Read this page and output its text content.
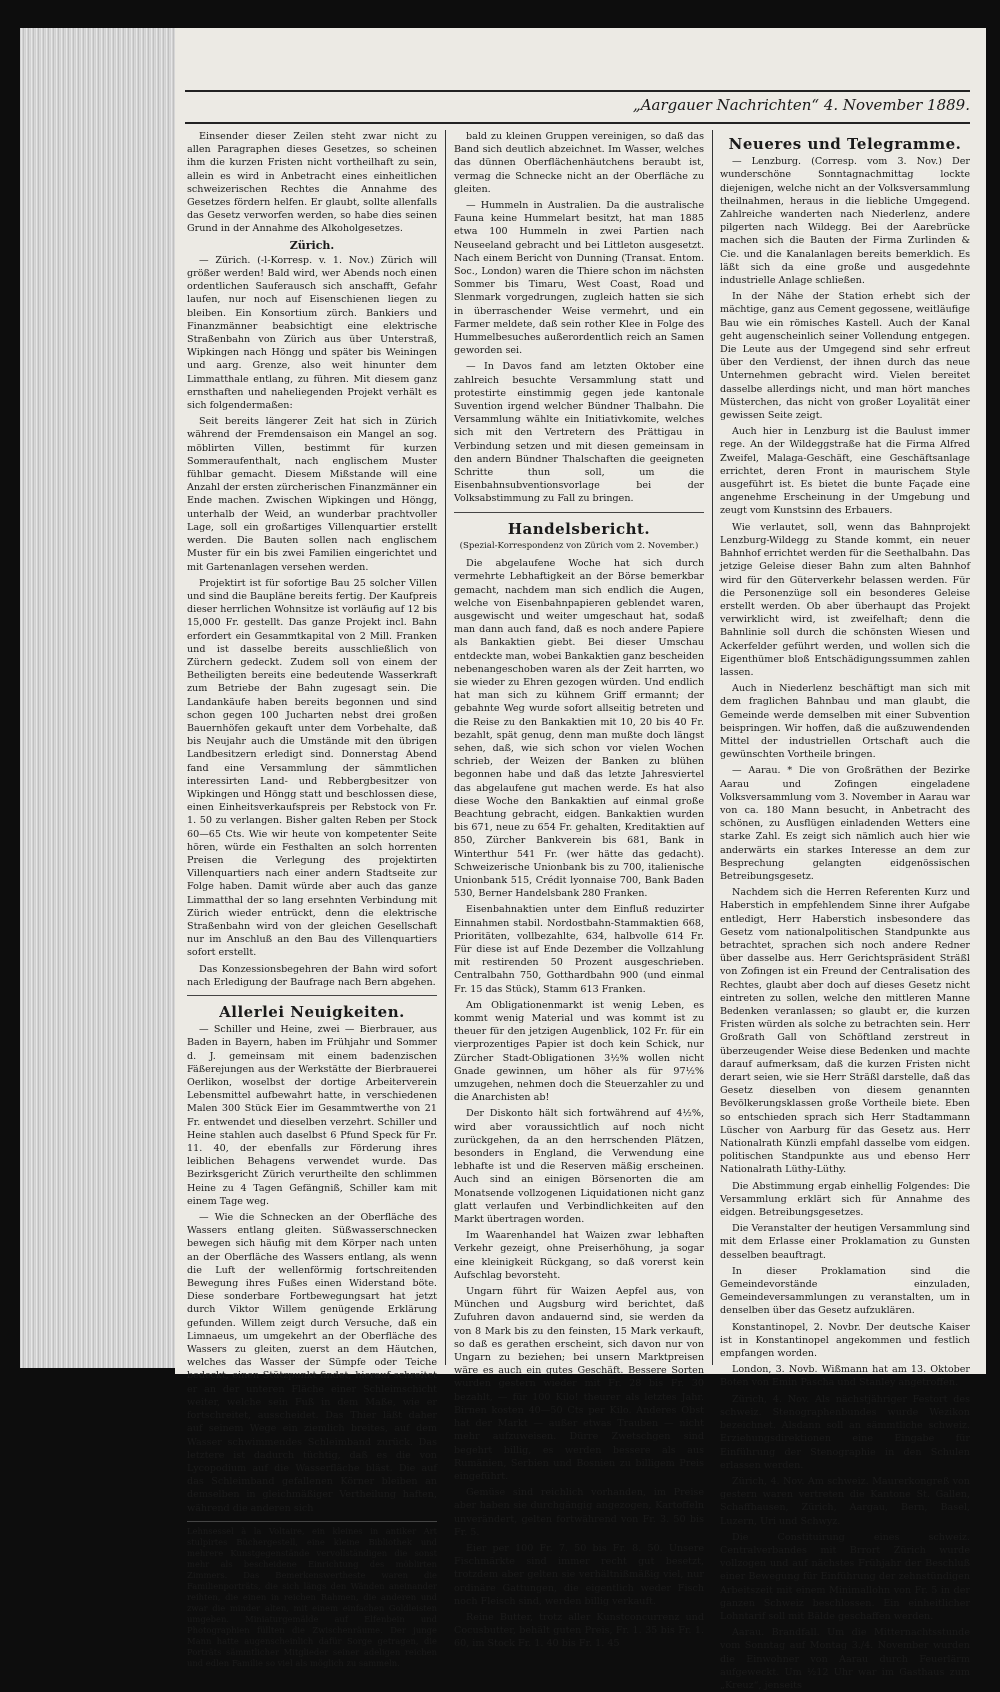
„Aargauer Nachrichten“ 4. November 1889.

Einsender dieser Zeilen steht zwar nicht zu allen Paragraphen dieses Gesetzes, so scheinen ihm die kurzen Fristen nicht vortheilhaft zu sein, allein es wird in Anbetracht eines einheitlichen schweizerischen Rechtes die Annahme des Gesetzes fördern helfen. Er glaubt, sollte allenfalls das Gesetz verworfen werden, so habe dies seinen Grund in der Annahme des Alkoholgesetzes.

Zürich.

— Zürich. (-l-Korresp. v. 1. Nov.) Zürich will größer werden! Bald wird, wer Abends noch einen ordentlichen Sauferausch sich anschafft, Gefahr laufen, nur noch auf Eisenschienen liegen zu bleiben. Ein Konsortium zürch. Bankiers und Finanzmänner beabsichtigt eine elektrische Straßenbahn von Zürich aus über Unterstraß, Wipkingen nach Höngg und später bis Weiningen und aarg. Grenze, also weit hinunter dem Limmatthale entlang, zu führen. Mit diesem ganz ernsthaften und naheliegenden Projekt verhält es sich folgendermaßen:

Seit bereits längerer Zeit hat sich in Zürich während der Fremdensaison ein Mangel an sog. möblirten Villen, bestimmt für kurzen Sommeraufenthalt, nach englischem Muster fühlbar gemacht. Diesem Mißstande will eine Anzahl der ersten zürcherischen Finanzmänner ein Ende machen. Zwischen Wipkingen und Höngg, unterhalb der Weid, an wunderbar prachtvoller Lage, soll ein großartiges Villenquartier erstellt werden. Die Bauten sollen nach englischem Muster für ein bis zwei Familien eingerichtet und mit Gartenanlagen versehen werden.

Projektirt ist für sofortige Bau 25 solcher Villen und sind die Baupläne bereits fertig. Der Kaufpreis dieser herrlichen Wohnsitze ist vorläufig auf 12 bis 15,000 Fr. gestellt. Das ganze Projekt incl. Bahn erfordert ein Gesammtkapital von 2 Mill. Franken und ist dasselbe bereits ausschließlich von Zürchern gedeckt. Zudem soll von einem der Betheiligten bereits eine bedeutende Wasserkraft zum Betriebe der Bahn zugesagt sein. Die Landankäufe haben bereits begonnen und sind schon gegen 100 Jucharten nebst drei großen Bauernhöfen gekauft unter dem Vorbehalte, daß bis Neujahr auch die Umstände mit den übrigen Landbesitzern erledigt sind. Donnerstag Abend fand eine Versammlung der sämmtlichen interessirten Land- und Rebbergbesitzer von Wipkingen und Höngg statt und beschlossen diese, einen Einheitsverkaufspreis per Rebstock von Fr. 1. 50 zu verlangen. Bisher galten Reben per Stock 60—65 Cts. Wie wir heute von kompetenter Seite hören, würde ein Festhalten an solch horrenten Preisen die Verlegung des projektirten Villenquartiers nach einer andern Stadtseite zur Folge haben. Damit würde aber auch das ganze Limmatthal der so lang ersehnten Verbindung mit Zürich wieder entrückt, denn die elektrische Straßenbahn wird von der gleichen Gesellschaft nur im Anschluß an den Bau des Villenquartiers sofort erstellt.

Das Konzessionsbegehren der Bahn wird sofort nach Erledigung der Baufrage nach Bern abgehen.

Allerlei Neuigkeiten.

— Schiller und Heine, zwei — Bierbrauer, aus Baden in Bayern, haben im Frühjahr und Sommer d. J. gemeinsam mit einem badenzischen Fäßerejungen aus der Werkstätte der Bierbrauerei Oerlikon, woselbst der dortige Arbeiterverein Lebensmittel aufbewahrt hatte, in verschiedenen Malen 300 Stück Eier im Gesammtwerthe von 21 Fr. entwendet und dieselben verzehrt. Schiller und Heine stahlen auch daselbst 6 Pfund Speck für Fr. 11. 40, der ebenfalls zur Förderung ihres leiblichen Behagens verwendet wurde. Das Bezirksgericht Zürich verurtheilte den schlimmen Heine zu 4 Tagen Gefängniß, Schiller kam mit einem Tage weg.

— Wie die Schnecken an der Oberfläche des Wassers entlang gleiten. Süßwasserschnecken bewegen sich häufig mit dem Körper nach unten an der Oberfläche des Wassers entlang, als wenn die Luft der wellenförmig fortschreitenden Bewegung ihres Fußes einen Widerstand böte. Diese sonderbare Fortbewegungsart hat jetzt durch Viktor Willem genügende Erklärung gefunden. Willem zeigt durch Versuche, daß ein Limnaeus, um umgekehrt an der Oberfläche des Wassers zu gleiten, zuerst an dem Häutchen, welches das Wasser der Sümpfe oder Teiche bedeckt, einen Stützpunkt findet; hierauf schreitet er an der unteren Fläche einer Schleimschicht weiter, welche sein Fuß in dem Maße, wie er fortschreitet, ausscheidet. Das Thier läßt daher auf seinem Wege ein ziemlich breites, auf dem Wasser schwimmendes Schleimband zurück. Das letztere ist dadurch tüchtig, daß es die von Lycopodium auf die Wasserfläche bläst. Die auf das Schleimband gefallenen Körner bleiben an demselben in gleichmäßiger Vertheilung haften, während die anderen sich

Lehnsessel à la Voltaire, ein kleines in antiker Art stulpirtes Büchergestell, eine kleine Bibliothek und mehrere Kunstgegenstände vervollständigen die sonst mehr als bescheidene Einrichtung des möblirten Zimmers. Das Bemerkenswertheste waren die Familienporträts, die sich längs den Wänden aneinander reihten, die einen in reichen Rahmen, die anderen und zwar die minder alten, mit einem einfachen Goldleisten umgeben. Miniaturgemälde auf Elfenbein und Photographien füllten die Zwischenräume. Der junge Mann hatte augenscheinlich dafür Sorge getragen, die Porträts sämmtlicher Mitglieder seiner adeligen reichen und edlen Familie so viel als möglich zu sammeln.

bald zu kleinen Gruppen vereinigen, so daß das Band sich deutlich abzeichnet. Im Wasser, welches das dünnen Oberflächenhäutchens beraubt ist, vermag die Schnecke nicht an der Oberfläche zu gleiten.

— Hummeln in Australien. Da die australische Fauna keine Hummelart besitzt, hat man 1885 etwa 100 Hummeln in zwei Partien nach Neuseeland gebracht und bei Littleton ausgesetzt. Nach einem Bericht von Dunning (Transat. Entom. Soc., London) waren die Thiere schon im nächsten Sommer bis Timaru, West Coast, Road und Slenmark vorgedrungen, zugleich hatten sie sich in überraschender Weise vermehrt, und ein Farmer meldete, daß sein rother Klee in Folge des Hummelbesuches außerordentlich reich an Samen geworden sei.

— In Davos fand am letzten Oktober eine zahlreich besuchte Versammlung statt und protestirte einstimmig gegen jede kantonale Suvention irgend welcher Bündner Thalbahn. Die Versammlung wählte ein Initiativkomite, welches sich mit den Vertretern des Prättigau in Verbindung setzen und mit diesen gemeinsam in den andern Bündner Thalschaften die geeigneten Schritte thun soll, um die Eisenbahnsubventionsvorlage bei der Volksabstimmung zu Fall zu bringen.

Handelsbericht.

(Spezial-Korrespondenz von Zürich vom 2. November.)

Die abgelaufene Woche hat sich durch vermehrte Lebhaftigkeit an der Börse bemerkbar gemacht, nachdem man sich endlich die Augen, welche von Eisenbahnpapieren geblendet waren, ausgewischt und weiter umgeschaut hat, sodaß man dann auch fand, daß es noch andere Papiere als Bankaktien giebt. Bei dieser Umschau entdeckte man, wobei Bankaktien ganz bescheiden nebenangeschoben waren als der Zeit harrten, wo sie wieder zu Ehren gezogen würden. Und endlich hat man sich zu kühnem Griff ermannt; der gebahnte Weg wurde sofort allseitig betreten und die Reise zu den Bankaktien mit 10, 20 bis 40 Fr. bezahlt, spät genug, denn man mußte doch längst sehen, daß, wie sich schon vor vielen Wochen schrieb, der Weizen der Banken zu blühen begonnen habe und daß das letzte Jahresviertel das abgelaufene gut machen werde. Es hat also diese Woche den Bankaktien auf einmal große Beachtung gebracht, eidgen. Bankaktien wurden bis 671, neue zu 654 Fr. gehalten, Kreditaktien auf 850, Zürcher Bankverein bis 681, Bank in Winterthur 541 Fr. (wer hätte das gedacht). Schweizerische Unionbank bis zu 700, italienische Unionbank 515, Crédit lyonnaise 700, Bank Baden 530, Berner Handelsbank 280 Franken.

Eisenbahnaktien unter dem Einfluß reduzirter Einnahmen stabil. Nordostbahn-Stammaktien 668, Prioritäten, vollbezahlte, 634, halbvolle 614 Fr. Für diese ist auf Ende Dezember die Vollzahlung mit restirenden 50 Prozent ausgeschrieben. Centralbahn 750, Gotthardbahn 900 (und einmal Fr. 15 das Stück), Stamm 613 Franken.

Am Obligationenmarkt ist wenig Leben, es kommt wenig Material und was kommt ist zu theuer für den jetzigen Augenblick, 102 Fr. für ein vierprozentiges Papier ist doch kein Schick, nur Zürcher Stadt-Obligationen 3½% wollen nicht Gnade gewinnen, um höher als für 97½% umzugehen, nehmen doch die Steuerzahler zu und die Anarchisten ab!

Der Diskonto hält sich fortwährend auf 4½%, wird aber voraussichtlich auf noch nicht zurückgehen, da an den herrschenden Plätzen, besonders in England, die Verwendung eine lebhafte ist und die Reserven mäßig erscheinen. Auch sind an einigen Börsenorten die am Monatsende vollzogenen Liquidationen nicht ganz glatt verlaufen und Verbindlichkeiten auf den Markt übertragen worden.

Im Waarenhandel hat Waizen zwar lebhaften Verkehr gezeigt, ohne Preiserhöhung, ja sogar eine kleinigkeit Rückgang, so daß vorerst kein Aufschlag bevorsteht.

Ungarn führt für Waizen Aepfel aus, von München und Augsburg wird berichtet, daß Zufuhren davon andauernd sind, sie werden da von 8 Mark bis zu den feinsten, 15 Mark verkauft, so daß es gerathen erscheint, sich davon nur von Ungarn zu beziehen; bei unsern Marktpreisen wäre es auch ein gutes Geschäft. Bessere Sorten wurden gestern wieder mit Fr. 28 bis Fr. 30 bezahlt, — für 100 Kilo! theurer als letztes Jahr. Birnen kosten 40—50 Cts per Kilo. Anderes Obst hat der Markt — außer etwas Trauben — nicht mehr aufzuweisen. Dürre Zwetschgen sind begehrt billig, es werden bessere als aus Rumänien, Serbien und Bosnien zu billigem Preis eingeführt.

Gemüse sind reichlich vorhanden, im Preise aber haben sie durchgängig angezogen, Kartoffeln unverändert, gelten fortwährend von Fr. 3. 50 bis Fr. 5.

Eier per 100 Fr. 7. 50 bis Fr. 8. 50. Unsere Fischmärkte sind immer recht gut besetzt, trotzdem aber gelten sie verhältnißmäßig viel, nur ordinäre Gattungen, die eigentlich weder Fisch noch Fleisch sind, werden billig verkauft.

Reine Butter, trotz aller Kunstconcurrenz und Cocusbutter, behält guten Preis, Fr. 1. 35 bis Fr. 1. 60, im Stock Fr. 1. 40 bis Fr. 1. 45

Neueres und Telegramme.

— Lenzburg. (Corresp. vom 3. Nov.) Der wunderschöne Sonntagnachmittag lockte diejenigen, welche nicht an der Volksversammlung theilnahmen, heraus in die liebliche Umgegend. Zahlreiche wanderten nach Niederlenz, andere pilgerten nach Wildegg. Bei der Aarebrücke machen sich die Bauten der Firma Zurlinden & Cie. und die Kanalanlagen bereits bemerklich. Es läßt sich da eine große und ausgedehnte industrielle Anlage schließen.

In der Nähe der Station erhebt sich der mächtige, ganz aus Cement gegossene, weitläufige Bau wie ein römisches Kastell. Auch der Kanal geht augenscheinlich seiner Vollendung entgegen. Die Leute aus der Umgegend sind sehr erfreut über den Verdienst, der ihnen durch das neue Unternehmen gebracht wird. Vielen bereitet dasselbe allerdings nicht, und man hört manches Müsterchen, das nicht von großer Loyalität einer gewissen Seite zeigt.

Auch hier in Lenzburg ist die Baulust immer rege. An der Wildeggstraße hat die Firma Alfred Zweifel, Malaga-Geschäft, eine Geschäftsanlage errichtet, deren Front in maurischem Style ausgeführt ist. Es bietet die bunte Façade eine angenehme Erscheinung in der Umgebung und zeugt vom Kunstsinn des Erbauers.

Wie verlautet, soll, wenn das Bahnprojekt Lenzburg-Wildegg zu Stande kommt, ein neuer Bahnhof errichtet werden für die Seethalbahn. Das jetzige Geleise dieser Bahn zum alten Bahnhof wird für den Güterverkehr belassen werden. Für die Personenzüge soll ein besonderes Geleise erstellt werden. Ob aber überhaupt das Projekt verwirklicht wird, ist zweifelhaft; denn die Bahnlinie soll durch die schönsten Wiesen und Ackerfelder geführt werden, und wollen sich die Eigenthümer bloß Entschädigungssummen zahlen lassen.

Auch in Niederlenz beschäftigt man sich mit dem fraglichen Bahnbau und man glaubt, die Gemeinde werde demselben mit einer Subvention beispringen. Wir hoffen, daß die außzuwendenden Mittel der industriellen Ortschaft auch die gewünschten Vortheile bringen.

— Aarau. * Die von Großräthen der Bezirke Aarau und Zofingen eingeladene Volksversammlung vom 3. November in Aarau war von ca. 180 Mann besucht, in Anbetracht des schönen, zu Ausflügen einladenden Wetters eine starke Zahl. Es zeigt sich nämlich auch hier wie anderwärts ein starkes Interesse an dem zur Besprechung gelangten eidgenössischen Betreibungsgesetz.

Nachdem sich die Herren Referenten Kurz und Haberstich in empfehlendem Sinne ihrer Aufgabe entledigt, Herr Haberstich insbesondere das Gesetz vom nationalpolitischen Standpunkte aus betrachtet, sprachen sich noch andere Redner über dasselbe aus. Herr Gerichtspräsident Sträßl von Zofingen ist ein Freund der Centralisation des Rechtes, glaubt aber doch auf dieses Gesetz nicht eintreten zu sollen, welche den mittleren Manne Bedenken veranlassen; so glaubt er, die kurzen Fristen würden als solche zu betrachten sein. Herr Großrath Gall von Schöftland zerstreut in überzeugender Weise diese Bedenken und machte darauf aufmerksam, daß die kurzen Fristen nicht derart seien, wie sie Herr Sträßl darstelle, daß das Gesetz dieselben von diesem genannten Bevölkerungsklassen große Vortheile biete. Eben so entschieden sprach sich Herr Stadtammann Lüscher von Aarburg für das Gesetz aus. Herr Nationalrath Künzli empfahl dasselbe vom eidgen. politischen Standpunkte aus und ebenso Herr Nationalrath Lüthy-Lüthy.

Die Abstimmung ergab einhellig Folgendes: Die Versammlung erklärt sich für Annahme des eidgen. Betreibungsgesetzes.

Die Veranstalter der heutigen Versammlung sind mit dem Erlasse einer Proklamation zu Gunsten desselben beauftragt.

In dieser Proklamation sind die Gemeindevorstände einzuladen, Gemeindeversammlungen zu veranstalten, um in denselben über das Gesetz aufzuklären.

Konstantinopel, 2. Novbr. Der deutsche Kaiser ist in Konstantinopel angekommen und festlich empfangen worden.

London, 3. Novb. Wißmann hat am 13. Oktober Boten von Emin Pascha und Stanley angetroffen.

Zürich, 4. Nov. Als nächstjähriger Festort des schweiz. Stenographenbundes wurde Wezikon bezeichnet. Alsdann soll an sämmtliche schweiz. Erziehungsdirektionen eine Eingabe für Einführung der Stenographie in den Schulen erlassen werden.

Zürich, 4. Nov. Am schweiz. Maurerkongreß von gestern waren vertreten die Kantone St. Gallen, Schaffhausen, Zürich, Aargau, Bern, Basel, Luzern, Uri und Schwyz.

Die Constituirung eines schweiz. Centralverbandes mit Brrort Zürich wurde vollzogen und auf nächstes Frühjahr der Beschluß einer Bewegung für Einführung der zehnstündigen Arbeitszeit mit einem Minimallohn von Fr. 5 in der ganzen Schweiz beschlossen. Ein einheitlicher Lohntarif soll mit Bälde geschaffen werden.

Aarau. Brandfall. Um die Mitternachtsstunde vom Sonntag auf Montag 3./4. November wurden die Einwohner von Aarau durch Feuerlärm aufgeweckt. Um ½12 Uhr war im Gasthaus zum „Kreuz“, jenseits
